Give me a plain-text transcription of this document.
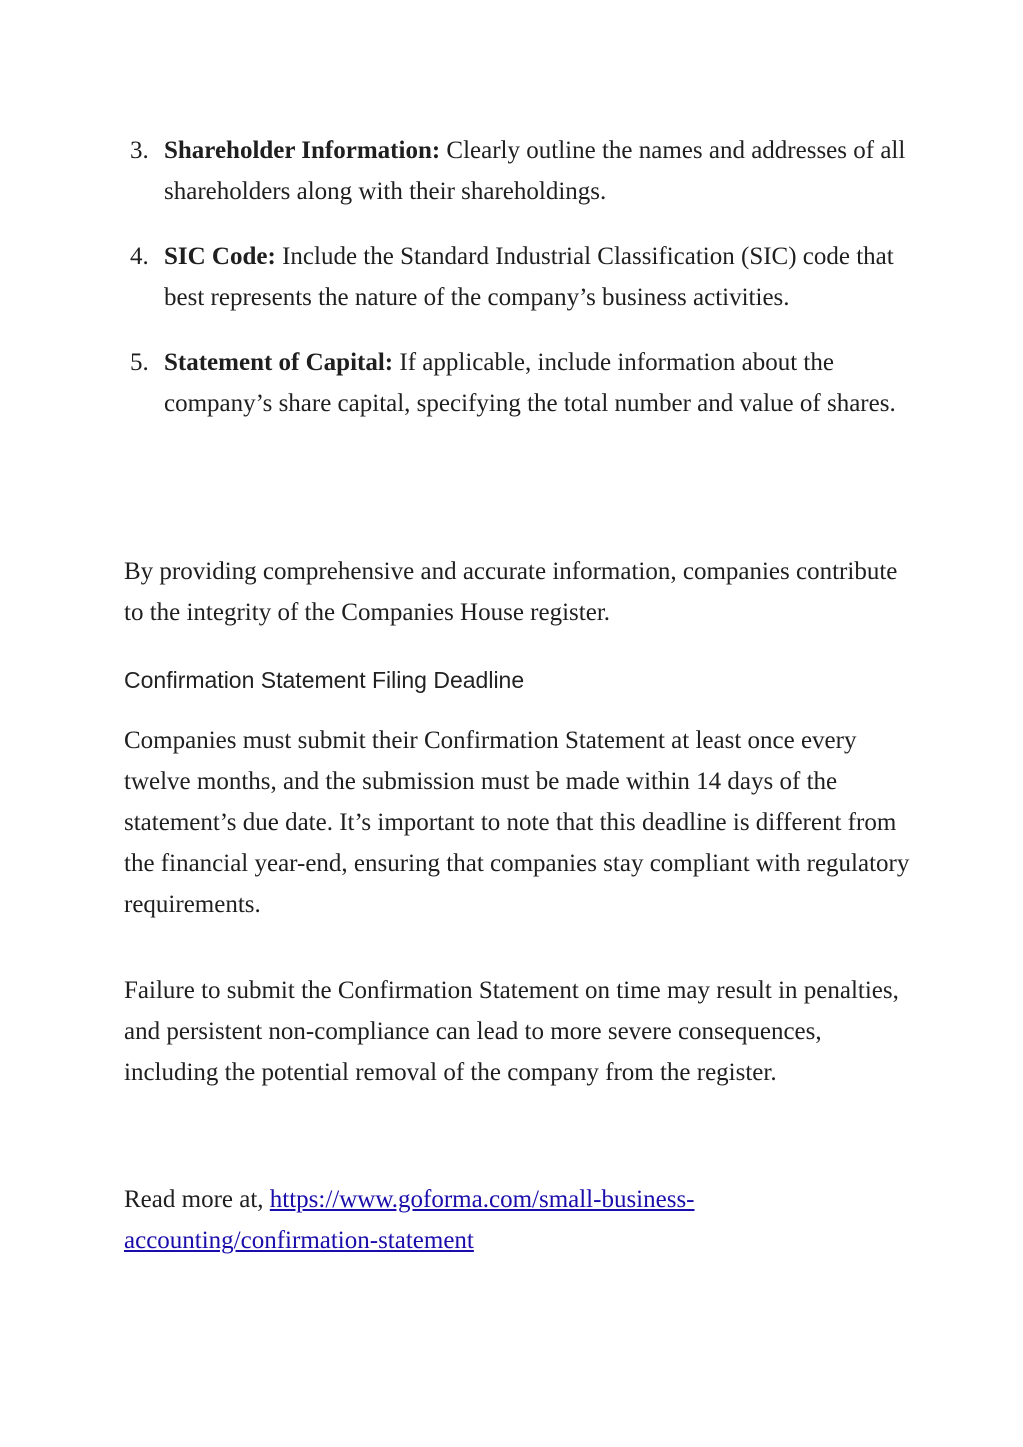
3. Shareholder Information: Clearly outline the names and addresses of all shareholders along with their shareholdings.
4. SIC Code: Include the Standard Industrial Classification (SIC) code that best represents the nature of the company’s business activities.
5. Statement of Capital: If applicable, include information about the company’s share capital, specifying the total number and value of shares.

By providing comprehensive and accurate information, companies contribute to the integrity of the Companies House register.

Confirmation Statement Filing Deadline

Companies must submit their Confirmation Statement at least once every twelve months, and the submission must be made within 14 days of the statement’s due date. It’s important to note that this deadline is different from the financial year-end, ensuring that companies stay compliant with regulatory requirements.

Failure to submit the Confirmation Statement on time may result in penalties, and persistent non-compliance can lead to more severe consequences, including the potential removal of the company from the register.

Read more at, https://www.goforma.com/small-business-accounting/confirmation-statement
